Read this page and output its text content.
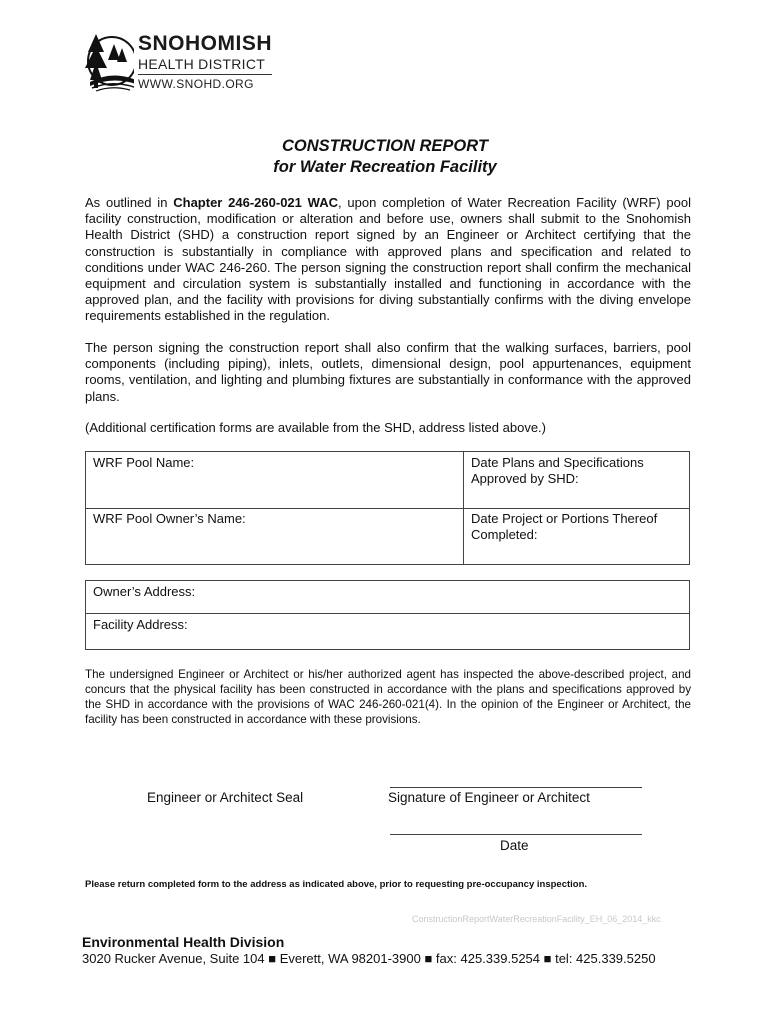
SNOHOMISH
HEALTH DISTRICT
WWW.SNOHD.ORG
CONSTRUCTION REPORT
for Water Recreation Facility

As outlined in Chapter 246-260-021 WAC, upon completion of Water Recreation Facility (WRF) pool facility construction, modification or alteration and before use, owners shall submit to the Snohomish Health District (SHD) a construction report signed by an Engineer or Architect certifying that the construction is substantially in compliance with approved plans and specification and related to conditions under WAC 246-260. The person signing the construction report shall confirm the mechanical equipment and circulation system is substantially installed and functioning in accordance with the approved plan, and the facility with provisions for diving substantially confirms with the diving envelope requirements established in the regulation.

The person signing the construction report shall also confirm that the walking surfaces, barriers, pool components (including piping), inlets, outlets, dimensional design, pool appurtenances, equipment rooms, ventilation, and lighting and plumbing fixtures are substantially in conformance with the approved plans.

(Additional certification forms are available from the SHD, address listed above.)

WRF Pool Name:	Date Plans and Specifications
Approved by SHD:
WRF Pool Owner’s Name:	Date Project or Portions Thereof
Completed:
Owner’s Address:
Facility Address:

The undersigned Engineer or Architect or his/her authorized agent has inspected the above-described project, and concurs that the physical facility has been constructed in accordance with the plans and specifications approved by the SHD in accordance with the provisions of WAC 246-260-021(4). In the opinion of the Engineer or Architect, the facility has been constructed in accordance with these provisions.

Engineer or Architect Seal	Signature of Engineer or Architect
Date
Please return completed form to the address as indicated above, prior to requesting pre-occupancy inspection.
ConstructionReportWaterRecreationFacility_EH_06_2014_kkc
Environmental Health Division
3020 Rucker Avenue, Suite 104 ■ Everett, WA 98201-3900 ■ fax: 425.339.5254 ■ tel: 425.339.5250
